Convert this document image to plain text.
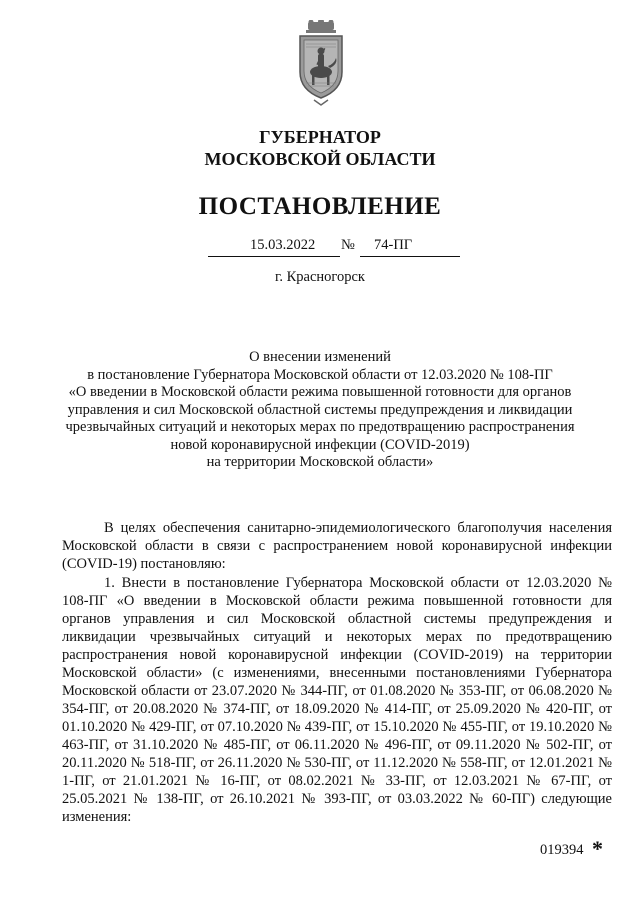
ГУБЕРНАТОР
МОСКОВСКОЙ ОБЛАСТИ
ПОСТАНОВЛЕНИЕ
15.03.2022 № 74-ПГ
г. Красногорск
О внесении изменений
в постановление Губернатора Московской области от 12.03.2020 № 108-ПГ
«О введении в Московской области режима повышенной готовности для органов
управления и сил Московской областной системы предупреждения и ликвидации
чрезвычайных ситуаций и некоторых мерах по предотвращению распространения
новой коронавирусной инфекции (COVID-2019)
на территории Московской области»
В целях обеспечения санитарно-эпидемиологического благополучия населения Московской области в связи с распространением новой коронавирусной инфекции (COVID-19) постановляю:
1. Внести в постановление Губернатора Московской области от 12.03.2020 № 108-ПГ «О введении в Московской области режима повышенной готовности для органов управления и сил Московской областной системы предупреждения и ликвидации чрезвычайных ситуаций и некоторых мерах по предотвращению распространения новой коронавирусной инфекции (COVID-2019) на территории Московской области» (с изменениями, внесенными постановлениями Губернатора Московской области от 23.07.2020 № 344-ПГ, от 01.08.2020 № 353-ПГ, от 06.08.2020 № 354-ПГ, от 20.08.2020 № 374-ПГ, от 18.09.2020 № 414-ПГ, от 25.09.2020 № 420-ПГ, от 01.10.2020 № 429-ПГ, от 07.10.2020 № 439-ПГ, от 15.10.2020 № 455-ПГ, от 19.10.2020 № 463-ПГ, от 31.10.2020 № 485-ПГ, от 06.11.2020 № 496-ПГ, от 09.11.2020 № 502-ПГ, от 20.11.2020 № 518-ПГ, от 26.11.2020 № 530-ПГ, от 11.12.2020 № 558-ПГ, от 12.01.2021 № 1-ПГ, от 21.01.2021 № 16-ПГ, от 08.02.2021 № 33-ПГ, от 12.03.2021 № 67-ПГ, от 25.05.2021 № 138-ПГ, от 26.10.2021 № 393-ПГ, от 03.03.2022 № 60-ПГ) следующие изменения:
019394 *
